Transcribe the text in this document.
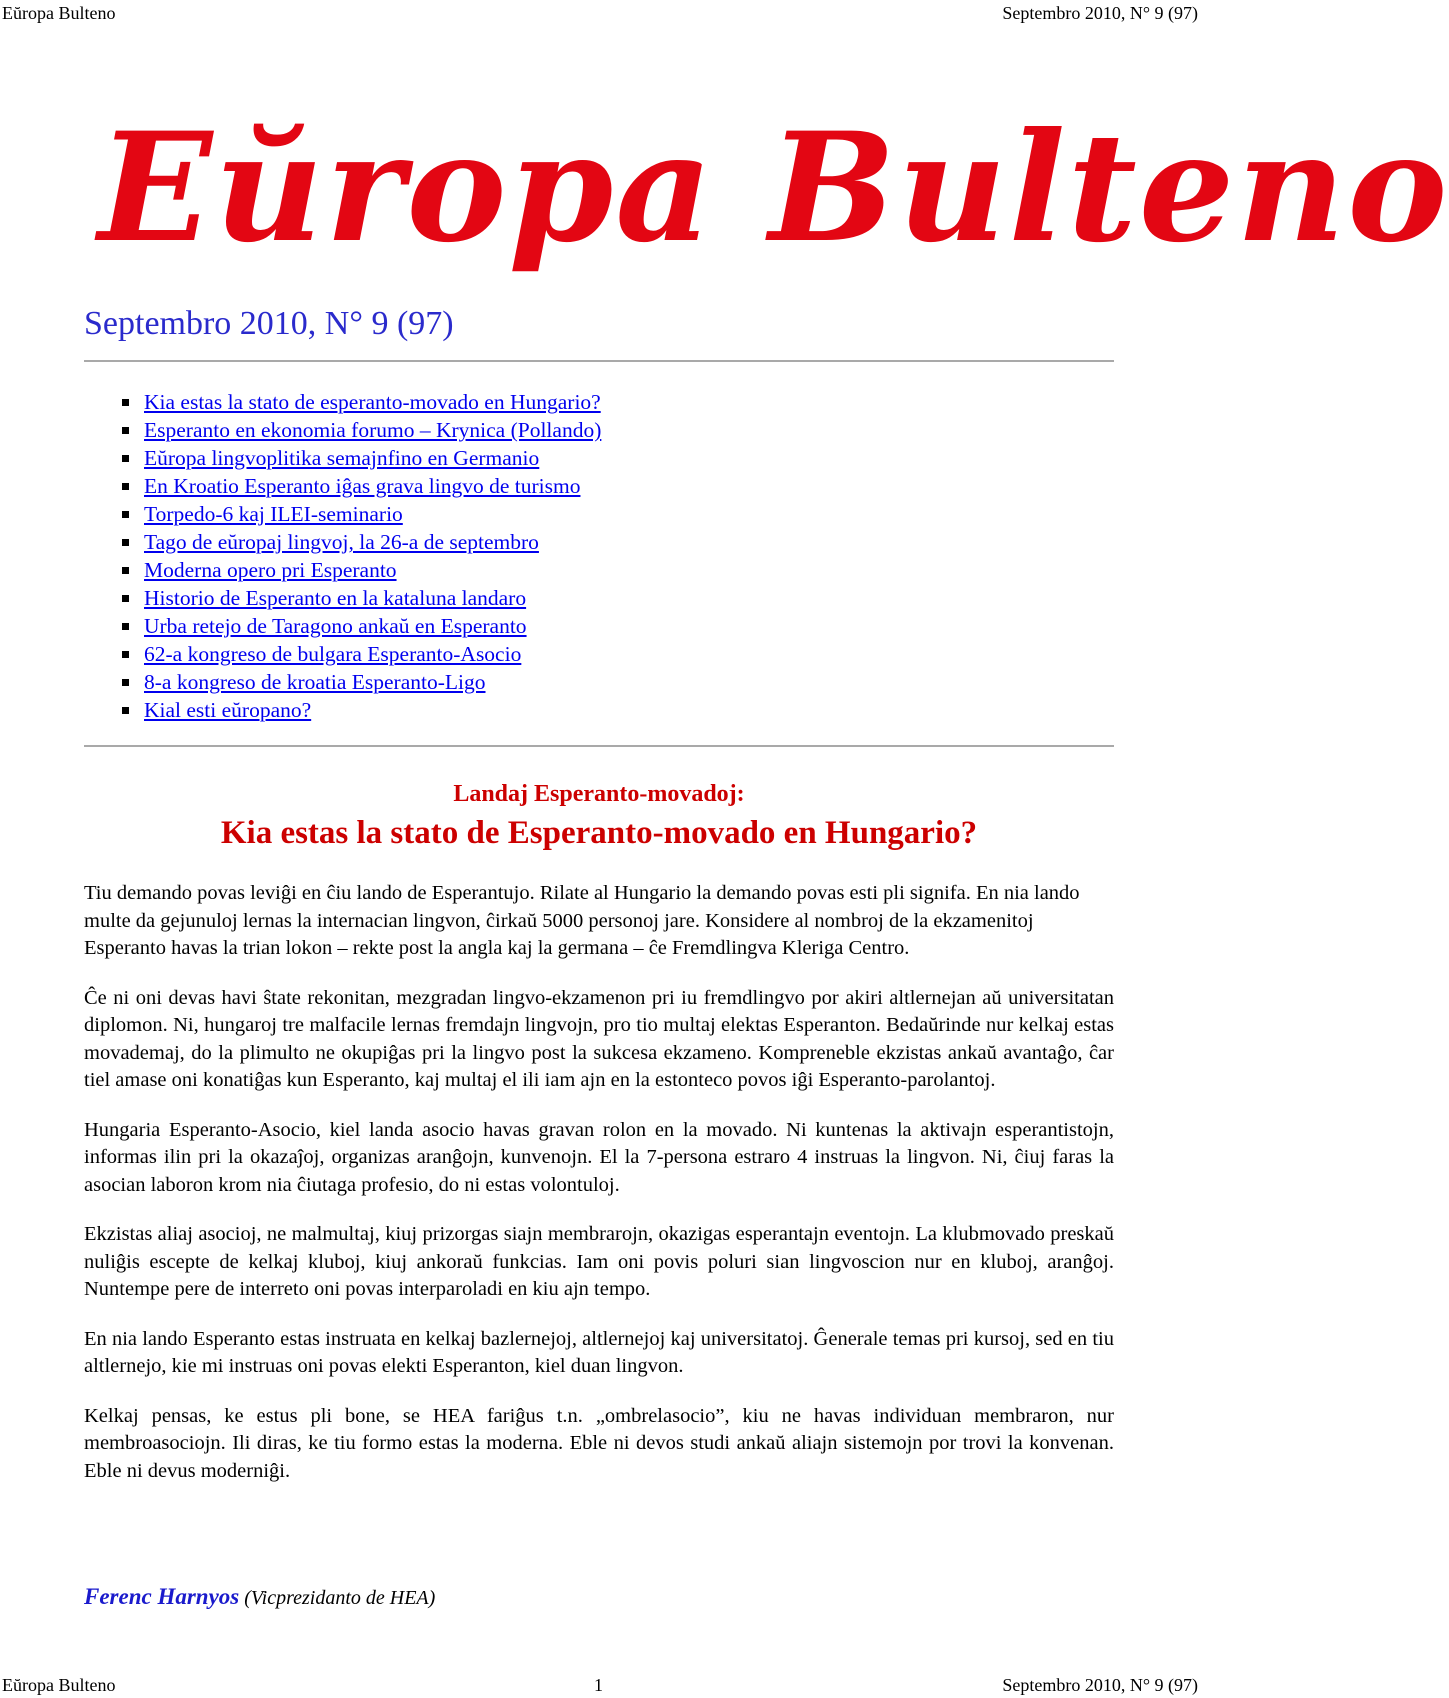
Eŭropa Bulteno	Septembro 2010, N° 9 (97)
Eŭropa Bulteno
Septembro 2010, N° 9 (97)
Kia estas la stato de esperanto-movado en Hungario?
Esperanto en ekonomia forumo – Krynica (Pollando)
Eŭropa lingvoplitika semajnfino en Germanio
En Kroatio Esperanto iĝas grava lingvo de turismo
Torpedo-6 kaj ILEI-seminario
Tago de eŭropaj lingvoj, la 26-a de septembro
Moderna opero pri Esperanto
Historio de Esperanto en la kataluna landaro
Urba retejo de Taragono ankaŭ en Esperanto
62-a kongreso de bulgara Esperanto-Asocio
8-a kongreso de kroatia Esperanto-Ligo
Kial esti eŭropano?
Landaj Esperanto-movadoj:
Kia estas la stato de Esperanto-movado en Hungario?

Tiu demando povas leviĝi en ĉiu lando de Esperantujo. Rilate al Hungario la demando povas esti pli signifa. En nia lando multe da gejunuloj lernas la internacian lingvon, ĉirkaŭ 5000 personoj jare. Konsidere al nombroj de la ekzamenitoj Esperanto havas la trian lokon – rekte post la angla kaj la germana – ĉe Fremdlingva Kleriga Centro.

Ĉe ni oni devas havi ŝtate rekonitan, mezgradan lingvo-ekzamenon pri iu fremdlingvo por akiri altlernejan aŭ universitatan diplomon. Ni, hungaroj tre malfacile lernas fremdajn lingvojn, pro tio multaj elektas Esperanton. Bedaŭrinde nur kelkaj estas movademaj, do la plimulto ne okupiĝas pri la lingvo post la sukcesa ekzameno. Kompreneble ekzistas ankaŭ avantaĝo, ĉar tiel amase oni konatiĝas kun Esperanto, kaj multaj el ili iam ajn en la estonteco povos iĝi Esperanto-parolantoj.

Hungaria Esperanto-Asocio, kiel landa asocio havas gravan rolon en la movado. Ni kuntenas la aktivajn esperantistojn, informas ilin pri la okazaĵoj, organizas aranĝojn, kunvenojn. El la 7-persona estraro 4 instruas la lingvon. Ni, ĉiuj faras la asocian laboron krom nia ĉiutaga profesio, do ni estas volontuloj.

Ekzistas aliaj asocioj, ne malmultaj, kiuj prizorgas siajn membrarojn, okazigas esperantajn eventojn. La klubmovado preskaŭ nuliĝis escepte de kelkaj kluboj, kiuj ankoraŭ funkcias. Iam oni povis poluri sian lingvoscion nur en kluboj, aranĝoj. Nuntempe pere de interreto oni povas interparoladi en kiu ajn tempo.

En nia lando Esperanto estas instruata en kelkaj bazlernejoj, altlernejoj kaj universitatoj. Ĝenerale temas pri kursoj, sed en tiu altlernejo, kie mi instruas oni povas elekti Esperanton, kiel duan lingvon.

Kelkaj pensas, ke estus pli bone, se HEA fariĝus t.n. „ombrelasocio”, kiu ne havas individuan membraron, nur membroasociojn. Ili diras, ke tiu formo estas la moderna. Eble ni devos studi ankaŭ aliajn sistemojn por trovi la konvenan. Eble ni devus moderniĝi.

Ferenc Harnyos (Vicprezidanto de HEA)
Eŭropa Bulteno	1	Septembro 2010, N° 9 (97)
